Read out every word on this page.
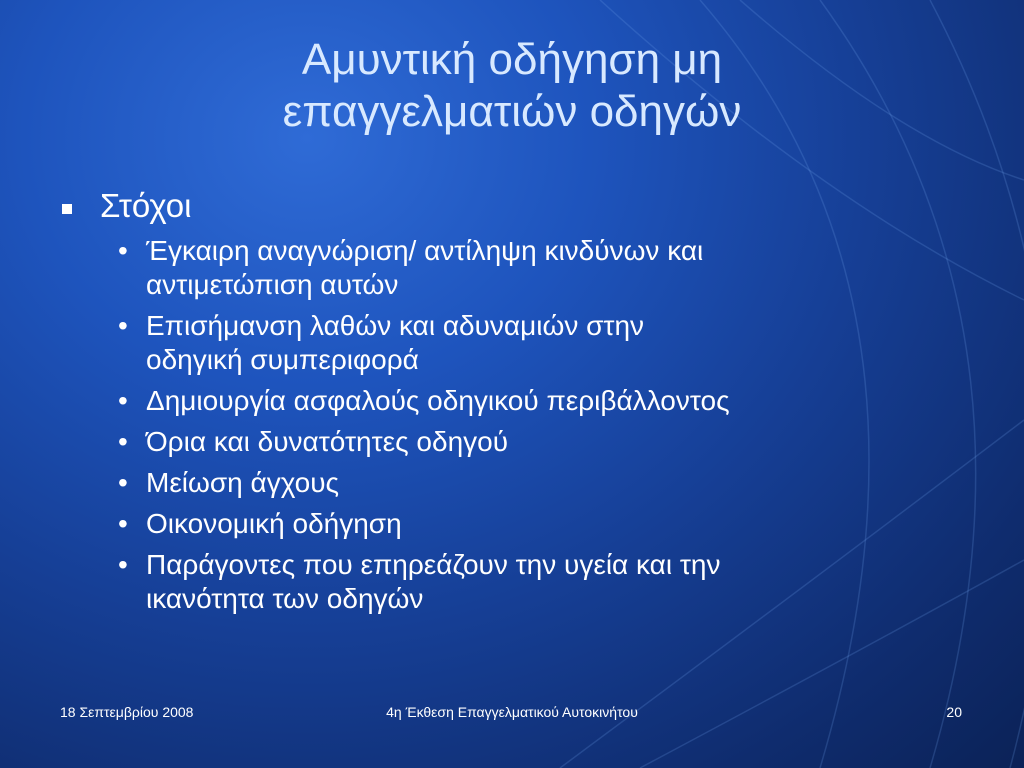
Αμυντική οδήγηση μη
επαγγελματιών οδηγών
Στόχοι
• Έγκαιρη αναγνώριση/ αντίληψη κινδύνων και
αντιμετώπιση αυτών
• Επισήμανση λαθών και αδυναμιών στην
οδηγική συμπεριφορά
• Δημιουργία ασφαλούς οδηγικού περιβάλλοντος
• Όρια και δυνατότητες οδηγού
• Μείωση άγχους
• Οικονομική οδήγηση
• Παράγοντες που επηρεάζουν την υγεία και την
ικανότητα των οδηγών
18 Σεπτεμβρίου 2008	4η Έκθεση Επαγγελματικού Αυτοκινήτου	20
